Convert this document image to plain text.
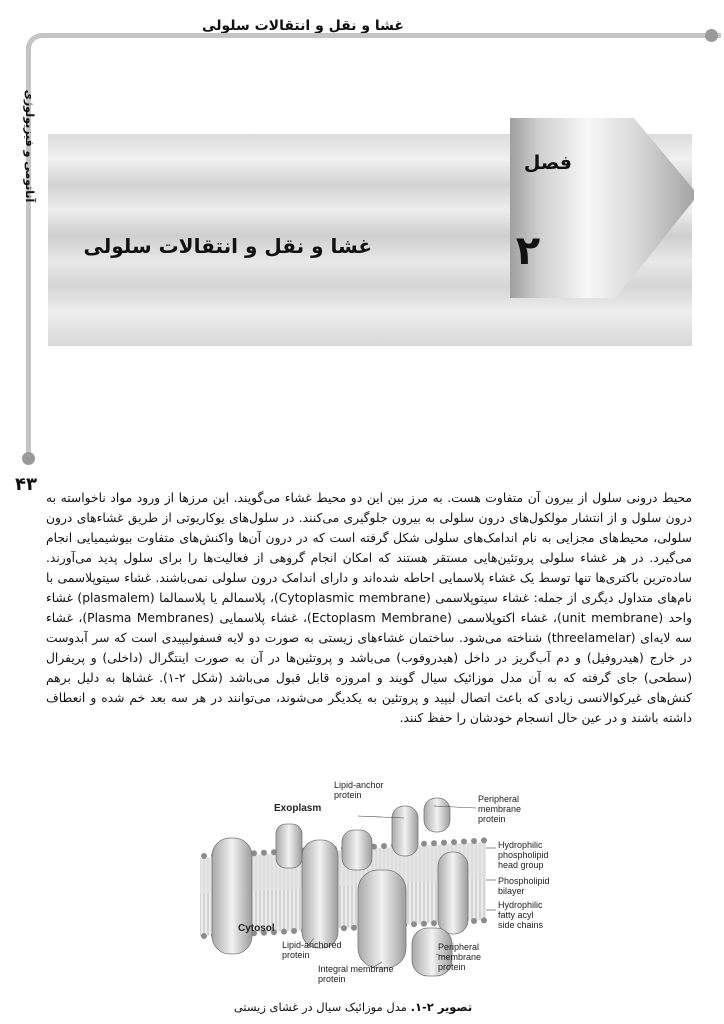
غشا و نقل و انتقالات سلولی
آناتومی و فیزیولوژی
۴۳
فصل
۲
غشا و نقل و انتقالات سلولی

محیط درونی سلول از بیرون آن متفاوت هست. به مرز بین این دو محیط غشاء می‌گویند. این مرزها از ورود مواد ناخواسته به درون سلول و از انتشار مولکول‌های درون سلولی به بیرون جلوگیری می‌کنند. در سلول‌های یوکاریوتی از طریق غشاءهای درون سلولی، محیط‌های مجزایی به نام اندامک‌های سلولی شکل گرفته است که در درون آن‌ها واکنش‌های متفاوت بیوشیمیایی انجام می‌گیرد. در هر غشاء سلولی پروتئین‌هایی مستقر هستند که امکان انجام گروهی از فعالیت‌ها را برای سلول پدید می‌آورند. ساده‌ترین باکتری‌ها تنها توسط یک غشاء پلاسمایی احاطه شده‌اند و دارای اندامک درون سلولی نمی‌باشند. غشاء سیتوپلاسمی با نام‌های متداول دیگری از جمله: غشاء سیتوپلاسمی (Cytoplasmic membrane)، پلاسمالم یا پلاسمالما (plasmalem) غشاء واحد (unit membrane)، غشاء اکتوپلاسمی (Ectoplasm Membrane)، غشاء پلاسمایی (Plasma Membranes)، غشاء سه لایه‌ای (threelamelar) شناخته می‌شود. ساختمان غشاءهای زیستی به صورت دو لایه فسفولیپیدی است که سر آبدوست در خارج (هیدروفیل) و دم آب‌گریز در داخل (هیدروفوب) می‌باشد و پروتئین‌ها در آن به صورت اینتگرال (داخلی) و پریفرال (سطحی) جای گرفته که به آن مدل موزائیک سیال گویند و امروزه قابل قبول می‌باشد (شکل ۲-۱). غشاها به دلیل برهم کنش‌های غیرکوالانسی زیادی که باعث اتصال لیپید و پروتئین به یکدیگر می‌شوند، می‌توانند در هر سه بعد خم شده و انعطاف داشته باشند و در عین حال انسجام خودشان را حفظ کنند.

Exoplasm
Lipid-anchor
protein	Peripheral
membrane
protein
Hydrophilic
phospholipid
head group
Phospholipid
bilayer
Hydrophilic
fatty acyl
side chains
Cytosol
Lipid-anchored
protein
Integral membrane
protein
Peripheral
membrane
protein
تصویر ۲-۱. مدل موزائیک سیال در غشای زیستی
